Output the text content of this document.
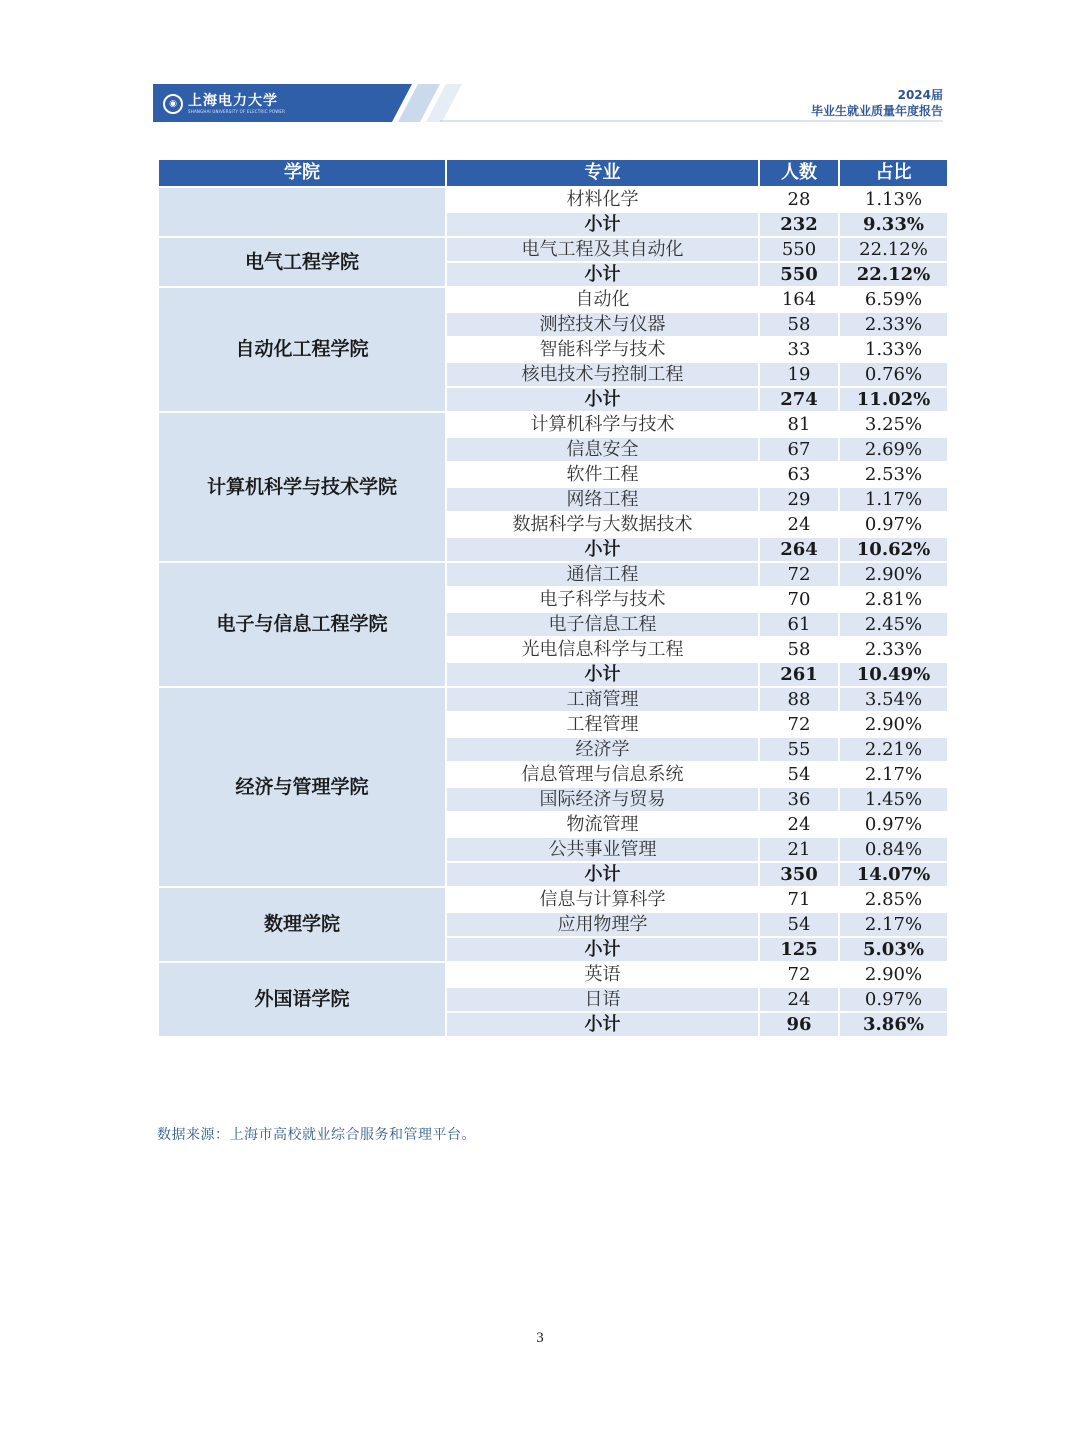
◉ 上海电力大学
SHANGHAI UNIVERSITY OF ELECTRIC POWER
2024届
毕业生就业质量年度报告
学院	专业	人数	占比
	材料化学	28	1.13%
	小计	232	9.33%
电气工程学院	电气工程及其自动化	550	22.12%
	小计	550	22.12%
自动化工程学院	自动化	164	6.59%
	测控技术与仪器	58	2.33%
	智能科学与技术	33	1.33%
	核电技术与控制工程	19	0.76%
	小计	274	11.02%
计算机科学与技术学院	计算机科学与技术	81	3.25%
	信息安全	67	2.69%
	软件工程	63	2.53%
	网络工程	29	1.17%
	数据科学与大数据技术	24	0.97%
	小计	264	10.62%
电子与信息工程学院	通信工程	72	2.90%
	电子科学与技术	70	2.81%
	电子信息工程	61	2.45%
	光电信息科学与工程	58	2.33%
	小计	261	10.49%
经济与管理学院	工商管理	88	3.54%
	工程管理	72	2.90%
	经济学	55	2.21%
	信息管理与信息系统	54	2.17%
	国际经济与贸易	36	1.45%
	物流管理	24	0.97%
	公共事业管理	21	0.84%
	小计	350	14.07%
数理学院	信息与计算科学	71	2.85%
	应用物理学	54	2.17%
	小计	125	5.03%
外国语学院	英语	72	2.90%
	日语	24	0.97%
	小计	96	3.86%
数据来源：上海市高校就业综合服务和管理平台。
3
